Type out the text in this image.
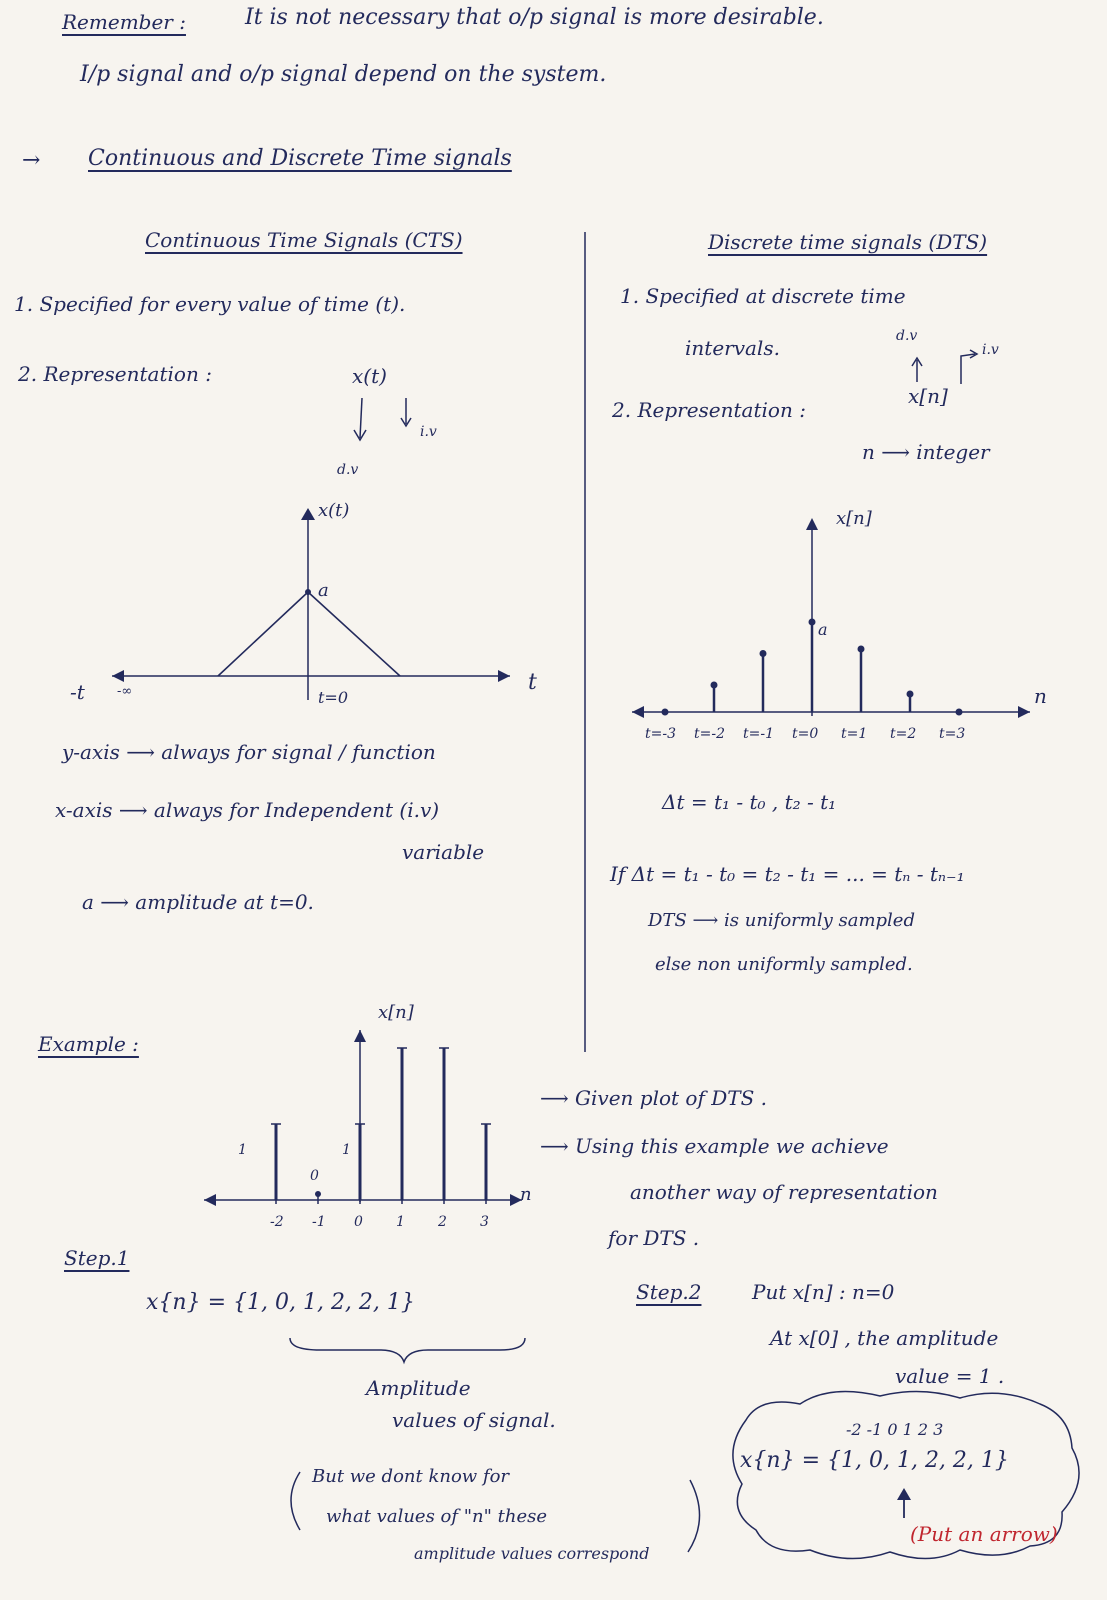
Remember :	It is not necessary that o/p signal is more desirable.
I/p signal and o/p signal depend on the system.
→ Continuous and Discrete Time signals
Continuous Time Signals (CTS)
1. Specified for every value of time (t).
2. Representation :	x(t)
d.v
i.v
x(t)
t
-t -∞	t=0
a
y-axis ⟶ always for signal / function
x-axis ⟶ always for Independent (i.v)
variable
a ⟶ amplitude at t=0.
Discrete time signals (DTS)
1. Specified at discrete time
intervals.
2. Representation :
x[n]
d.v
i.v
n ⟶ integer
x[n]
n
a
t=-3 t=-2 t=-1 t=0 t=1 t=2 t=3
Δt = t₁ - t₀ , t₂ - t₁
If Δt = t₁ - t₀ = t₂ - t₁ = ... = tₙ - tₙ₋₁
DTS ⟶ is uniformly sampled
else non uniformly sampled.
Example :
x[n]
n
-2 -1 0 1 2 3
1
0
1
⟶ Given plot of DTS .
⟶ Using this example we achieve
another way of representation
for DTS .
Step.1
x{n} = {1, 0, 1, 2, 2, 1}
Amplitude
values of signal.
But we dont know for
what values of "n" these
amplitude values correspond
Step.2	Put x[n] : n=0
At x[0] , the amplitude
value = 1 .
-2 -1 0 1 2 3
x{n} = {1, 0, 1, 2, 2, 1}
(Put an arrow)
